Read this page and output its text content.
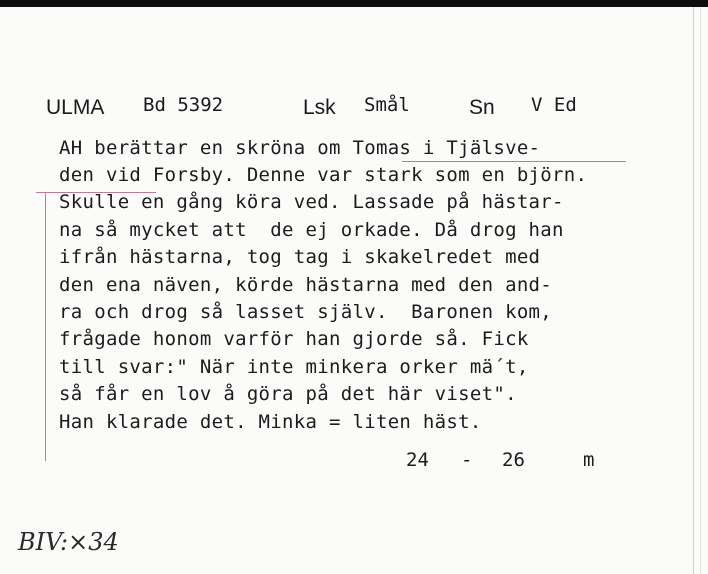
ULMA Bd 5392	Lsk Smål	Sn V Ed
AH berättar en skröna om Tomas i Tjälsve-
den vid Forsby. Denne var stark som en björn.
Skulle en gång köra ved. Lassade på hästar-
na så mycket att  de ej orkade. Då drog han
ifrån hästarna, tog tag i skakelredet med
den ena näven, körde hästarna med den and-
ra och drog så lasset själv.  Baronen kom,
frågade honom varför han gjorde så. Fick
till svar:" När inte minkera orker mä´t,
så får en lov å göra på det här viset".
Han klarade det. Minka = liten häst.
24 - 26	m
BIV:×34
